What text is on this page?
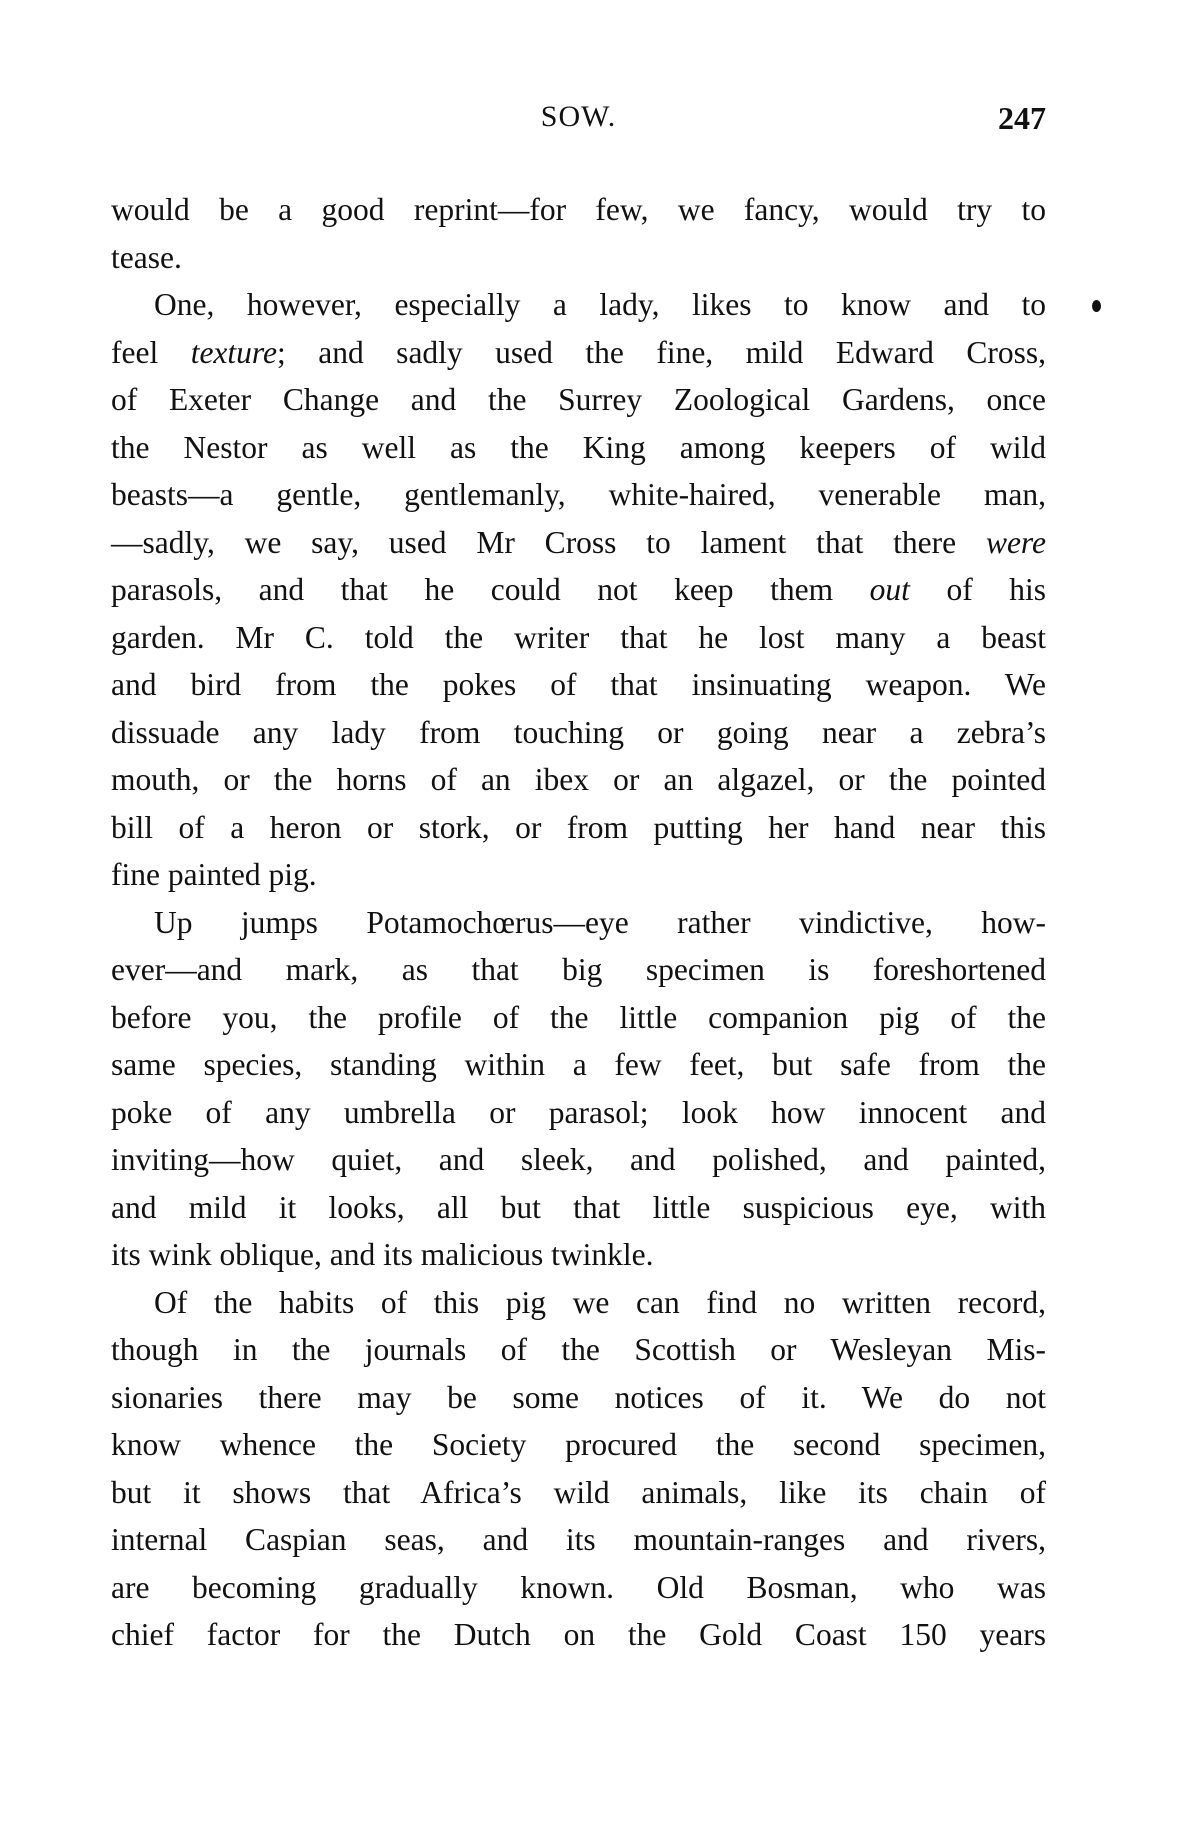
SOW.	247
would be a good reprint—for few, we fancy, would try to
tease.
One, however, especially a lady, likes to know and to
feel texture; and sadly used the fine, mild Edward Cross,
of Exeter Change and the Surrey Zoological Gardens, once
the Nestor as well as the King among keepers of wild
beasts—a gentle, gentlemanly, white-haired, venerable man,
—sadly, we say, used Mr Cross to lament that there were
parasols, and that he could not keep them out of his
garden. Mr C. told the writer that he lost many a beast
and bird from the pokes of that insinuating weapon. We
dissuade any lady from touching or going near a zebra’s
mouth, or the horns of an ibex or an algazel, or the pointed
bill of a heron or stork, or from putting her hand near this
fine painted pig.
Up jumps Potamochœrus—eye rather vindictive, how-
ever—and mark, as that big specimen is foreshortened
before you, the profile of the little companion pig of the
same species, standing within a few feet, but safe from the
poke of any umbrella or parasol; look how innocent and
inviting—how quiet, and sleek, and polished, and painted,
and mild it looks, all but that little suspicious eye, with
its wink oblique, and its malicious twinkle.
Of the habits of this pig we can find no written record,
though in the journals of the Scottish or Wesleyan Mis-
sionaries there may be some notices of it. We do not
know whence the Society procured the second specimen,
but it shows that Africa’s wild animals, like its chain of
internal Caspian seas, and its mountain-ranges and rivers,
are becoming gradually known. Old Bosman, who was
chief factor for the Dutch on the Gold Coast 150 years
